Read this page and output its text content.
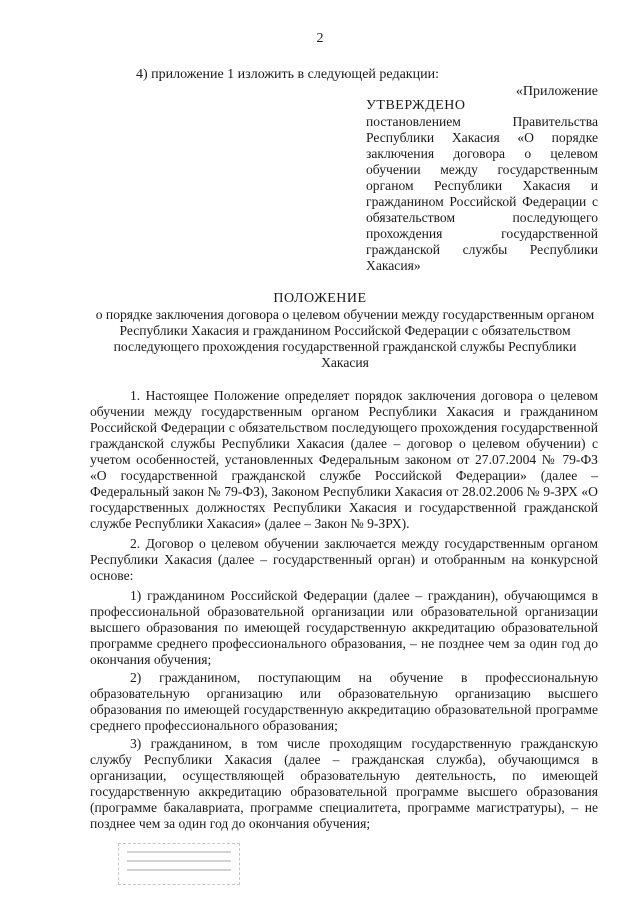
2
4) приложение 1 изложить в следующей редакции:
«Приложение
УТВЕРЖДЕНО
постановлением Правительства Республики Хакасия «О порядке заключения договора о целевом обучении между государственным органом Республики Хакасия и гражданином Российской Федерации с обязательством последующего прохождения государственной гражданской службы Республики Хакасия»
ПОЛОЖЕНИЕ
о порядке заключения договора о целевом обучении между государственным органом Республики Хакасия и гражданином Российской Федерации с обязательством последующего прохождения государственной гражданской службы Республики Хакасия

1. Настоящее Положение определяет порядок заключения договора о целевом обучении между государственным органом Республики Хакасия и гражданином Российской Федерации с обязательством последующего прохождения государственной гражданской службы Республики Хакасия (далее – договор о целевом обучении) с учетом особенностей, установленных Федеральным законом от 27.07.2004 № 79-ФЗ «О государственной гражданской службе Российской Федерации» (далее – Федеральный закон № 79-ФЗ), Законом Республики Хакасия от 28.02.2006 № 9-ЗРХ «О государственных должностях Республики Хакасия и государственной гражданской службе Республики Хакасия» (далее – Закон № 9-ЗРХ).

2. Договор о целевом обучении заключается между государственным органом Республики Хакасия (далее – государственный орган) и отобранным на конкурсной основе:

1) гражданином Российской Федерации (далее – гражданин), обучающимся в профессиональной образовательной организации или образовательной организации высшего образования по имеющей государственную аккредитацию образовательной программе среднего профессионального образования, – не позднее чем за один год до окончания обучения;

2) гражданином, поступающим на обучение в профессиональную образовательную организацию или образовательную организацию высшего образования по имеющей государственную аккредитацию образовательной программе среднего профессионального образования;

3) гражданином, в том числе проходящим государственную гражданскую службу Республики Хакасия (далее – гражданская служба), обучающимся в организации, осуществляющей образовательную деятельность, по имеющей государственную аккредитацию образовательной программе высшего образования (программе бакалавриата, программе специалитета, программе магистратуры), – не позднее чем за один год до окончания обучения;
